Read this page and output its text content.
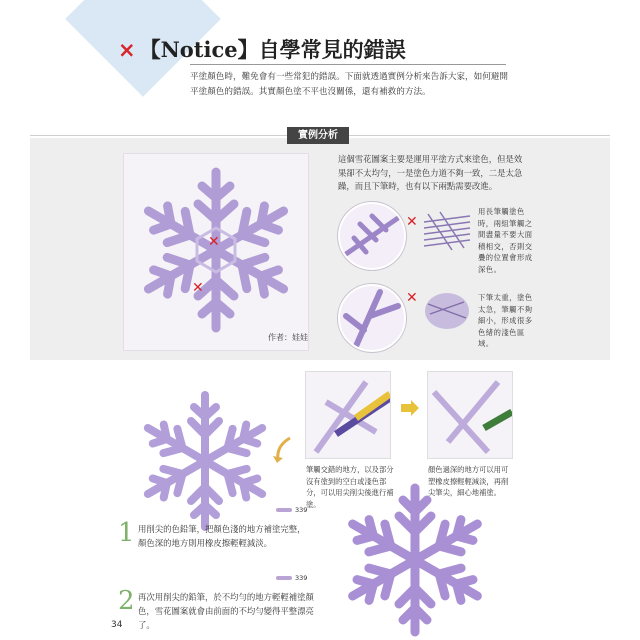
× 【Notice】自學常見的錯誤
平塗顏色時，難免會有一些常犯的錯誤。下面就透過實例分析來告訴大家，如何避開平塗顏色的錯誤。其實顏色塗不平也沒關係，還有補救的方法。
實例分析
✕
✕
作者：娃娃
這個雪花圖案主要是運用平塗方式來塗色，但是效果卻不太均勻，一是塗色力道不夠一致，二是太急躁，而且下筆時，也有以下兩點需要改進。
✕
用長筆觸塗色時，兩組筆觸之間盡量不要大面積相交，否則交疊的位置會形成深色。
✕	下筆太重，塗色太急，筆觸不夠細小，形成很多色緒的淺色區域。
筆觸交錯的地方，以及部分沒有塗到的空白或淺色部分，可以用尖削尖後進行補塗。
顏色過深的地方可以用可塑橡皮擦輕輕減淡，再削尖筆尖，細心地補塗。
339
1 用削尖的色鉛筆，把顏色淺的地方補塗完整，顏色深的地方則用橡皮擦輕輕減淡。
339
2 再次用削尖的鉛筆，於不均勻的地方輕輕補塗顏色，雪花圖案就會由前面的不均勻變得平整漂亮了。
34
